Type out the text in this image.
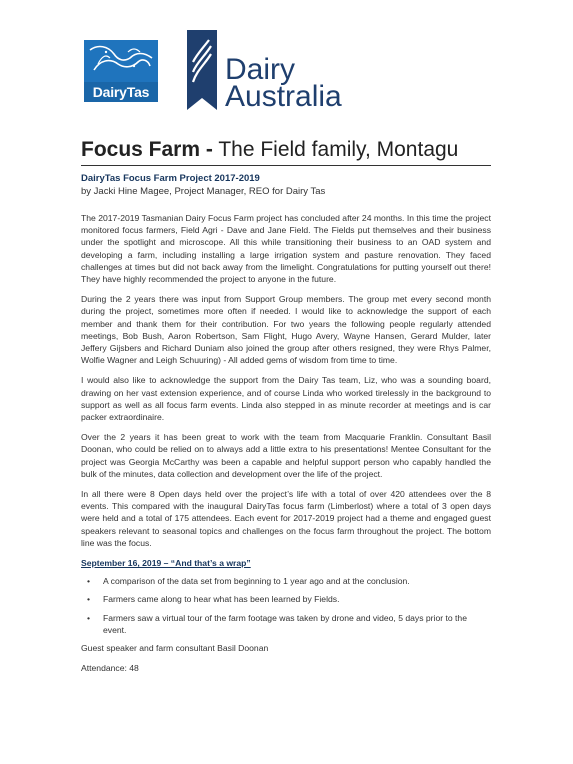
DairyTas
Dairy
Australia
Focus Farm - The Field family, Montagu
DairyTas Focus Farm Project 2017-2019
by Jacki Hine Magee, Project Manager, REO for Dairy Tas

The 2017-2019 Tasmanian Dairy Focus Farm project has concluded after 24 months. In this time the project monitored focus farmers, Field Agri - Dave and Jane Field. The Fields put themselves and their business under the spotlight and microscope. All this while transitioning their business to an OAD system and developing a farm, including installing a large irrigation system and pasture renovation. They faced challenges at times but did not back away from the limelight. Congratulations for putting yourself out there! They have highly recommended the project to anyone in the future.

During the 2 years there was input from Support Group members. The group met every second month during the project, sometimes more often if needed. I would like to acknowledge the support of each member and thank them for their contribution. For two years the following people regularly attended meetings, Bob Bush, Aaron Robertson, Sam Flight, Hugo Avery, Wayne Hansen, Gerard Mulder, later Jeffery Gijsbers and Richard Duniam also joined the group after others resigned, they were Rhys Palmer, Wolfie Wagner and Leigh Schuuring) - All added gems of wisdom from time to time.

I would also like to acknowledge the support from the Dairy Tas team, Liz, who was a sounding board, drawing on her vast extension experience, and of course Linda who worked tirelessly in the background to support as well as all focus farm events. Linda also stepped in as minute recorder at meetings and is car packer extraordinaire.

Over the 2 years it has been great to work with the team from Macquarie Franklin. Consultant Basil Doonan, who could be relied on to always add a little extra to his presentations! Mentee Consultant for the project was Georgia McCarthy was been a capable and helpful support person who capably handled the bulk of the minutes, data collection and development over the life of the project.

In all there were 8 Open days held over the project’s life with a total of over 420 attendees over the 8 events. This compared with the inaugural DairyTas focus farm (Limberlost) where a total of 3 open days were held and a total of 175 attendees. Each event for 2017-2019 project had a theme and engaged guest speakers relevant to seasonal topics and challenges on the focus farm throughout the project. The bottom line was the focus.

September 16, 2019 – “And that’s a wrap”
• A comparison of the data set from beginning to 1 year ago and at the conclusion.
• Farmers came along to hear what has been learned by Fields.
• Farmers saw a virtual tour of the farm footage was taken by drone and video, 5 days prior to the event.

Guest speaker and farm consultant Basil Doonan

Attendance: 48
